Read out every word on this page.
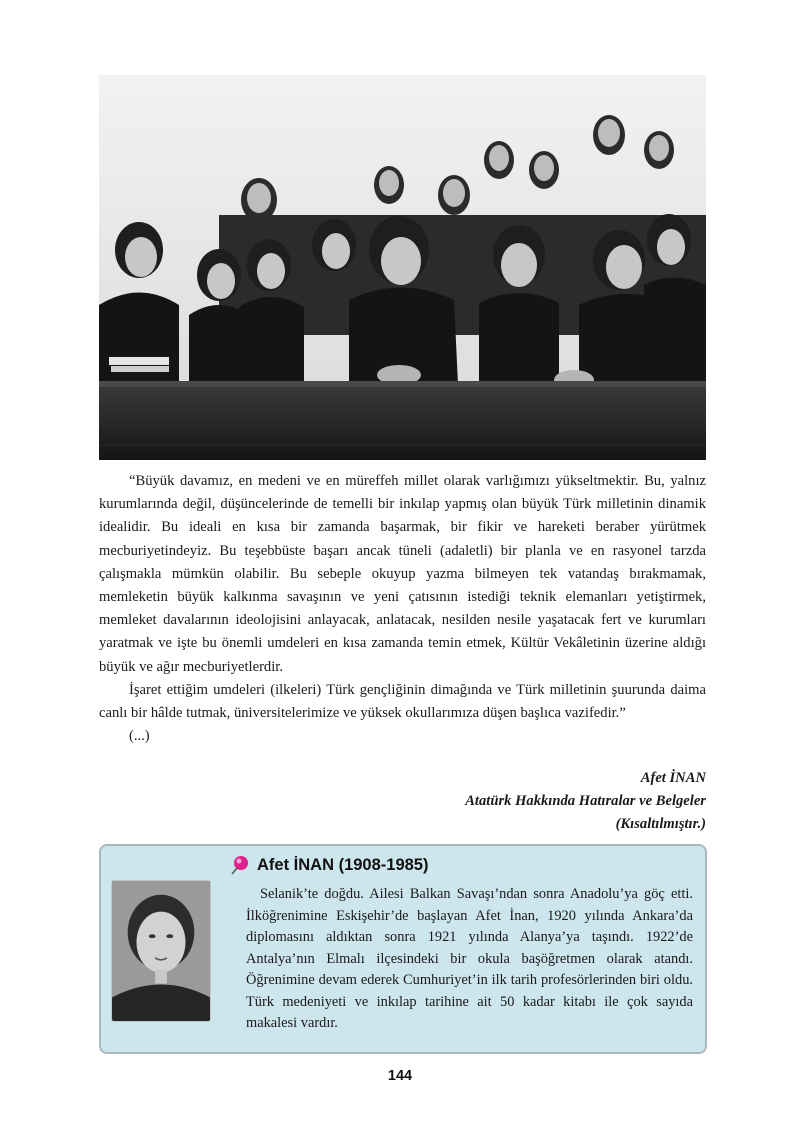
“Büyük davamız, en medeni ve en müreffeh millet olarak varlığımızı yükseltmektir. Bu, yalnız kurumlarında değil, düşüncelerinde de temelli bir inkılap yapmış olan büyük Türk milletinin dinamik idealidir. Bu ideali en kısa bir zamanda başarmak, bir fikir ve hareketi beraber yürütmek mecburiyetindeyiz. Bu teşebbüste başarı ancak tüneli (adaletli) bir planla ve en rasyonel tarzda çalışmakla mümkün olabilir. Bu sebeple okuyup yazma bilmeyen tek vatandaş bırakmamak, memleketin büyük kalkınma savaşının ve yeni çatısının istediği teknik elemanları yetiştirmek, memleket davalarının ideolojisini anlayacak, anlatacak, nesilden nesile yaşatacak fert ve kurumları yaratmak ve işte bu önemli umdeleri en kısa zamanda temin etmek, Kültür Vekâletinin üzerine aldığı büyük ve ağır mecburiyetlerdir.

İşaret ettiğim umdeleri (ilkeleri) Türk gençliğinin dimağında ve Türk milletinin şuurunda daima canlı bir hâlde tutmak, üniversitelerimize ve yüksek okullarımıza düşen başlıca vazifedir.”

(...)

Afet İNAN
Atatürk Hakkında Hatıralar ve Belgeler
(Kısaltılmıştır.)
Afet İNAN (1908-1985)

Selanik’te doğdu. Ailesi Balkan Savaşı’ndan sonra Anadolu’ya göç etti. İlköğrenimine Eskişehir’de başlayan Afet İnan, 1920 yılında Ankara’da diplomasını aldıktan sonra 1921 yılında Alanya’ya taşındı. 1922’de Antalya’nın Elmalı ilçesindeki bir okula başöğretmen olarak atandı. Öğrenimine devam ederek Cumhuriyet’in ilk tarih profesörlerinden biri oldu. Türk medeniyeti ve inkılap tarihine ait 50 kadar kitabı ile çok sayıda makalesi vardır.

144
